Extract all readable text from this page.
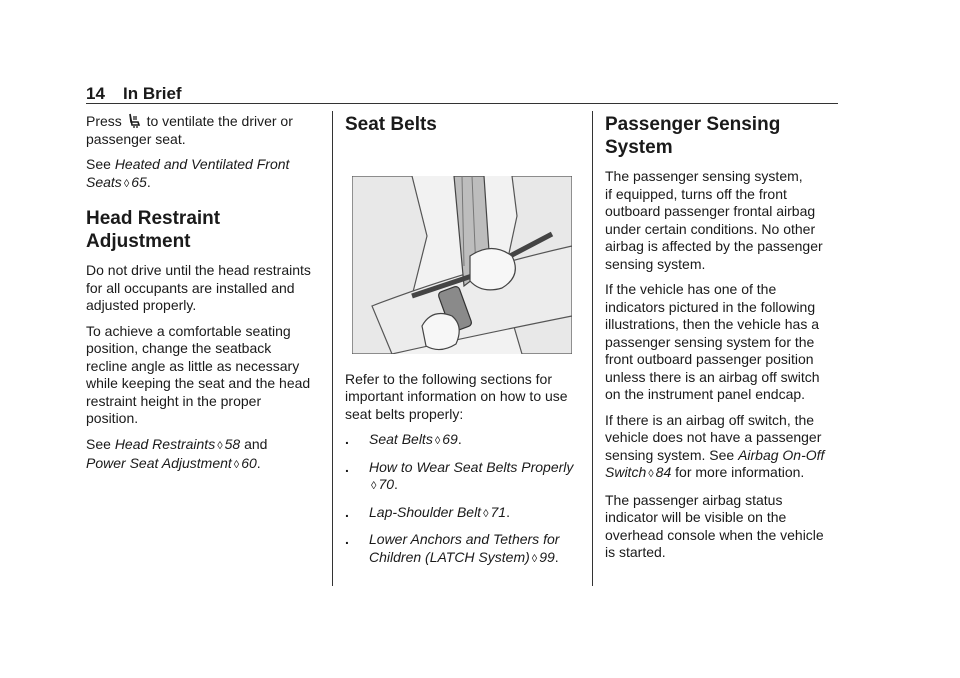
14 In Brief

Press to ventilate the driver or
passenger seat.

See Heated and Ventilated Front
Seats ◊ 65.

Head Restraint
Adjustment

Do not drive until the head restraints
for all occupants are installed and
adjusted properly.

To achieve a comfortable seating
position, change the seatback
recline angle as little as necessary
while keeping the seat and the head
restraint height in the proper
position.

See Head Restraints ◊ 58 and
Power Seat Adjustment ◊ 60.

Seat Belts

Refer to the following sections for
important information on how to use
seat belts properly:

. Seat Belts ◊ 69.
. How to Wear Seat Belts Properly
◊ 70.
. Lap-Shoulder Belt ◊ 71.
. Lower Anchors and Tethers for
Children (LATCH System) ◊ 99.
Passenger Sensing
System

The passenger sensing system,
if equipped, turns off the front
outboard passenger frontal airbag
under certain conditions. No other
airbag is affected by the passenger
sensing system.

If the vehicle has one of the
indicators pictured in the following
illustrations, then the vehicle has a
passenger sensing system for the
front outboard passenger position
unless there is an airbag off switch
on the instrument panel endcap.

If there is an airbag off switch, the
vehicle does not have a passenger
sensing system. See Airbag On-Off
Switch ◊ 84 for more information.

The passenger airbag status
indicator will be visible on the
overhead console when the vehicle
is started.
